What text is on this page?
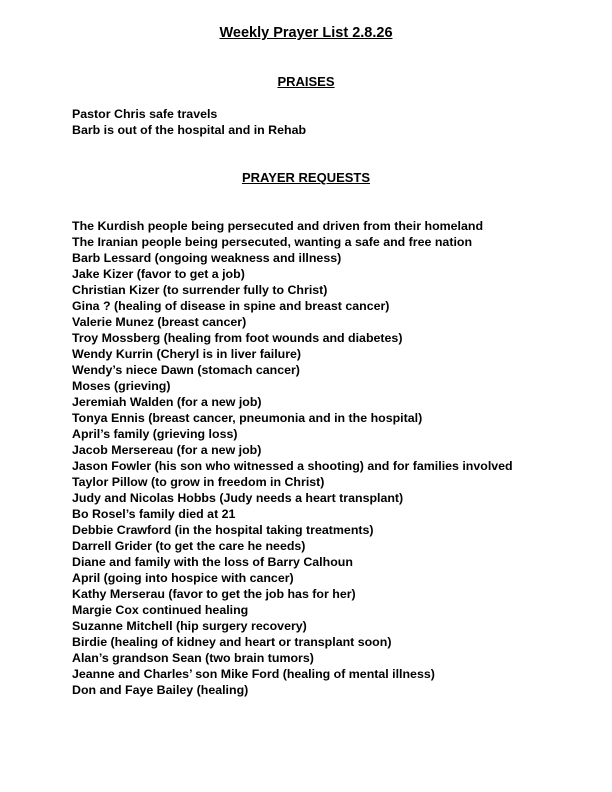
Weekly Prayer List 2.8.26
PRAISES
Pastor Chris safe travels
Barb is out of the hospital and in Rehab
PRAYER REQUESTS
The Kurdish people being persecuted and driven from their homeland
The Iranian people being persecuted, wanting a safe and free nation
Barb Lessard (ongoing weakness and illness)
Jake Kizer (favor to get a job)
Christian Kizer (to surrender fully to Christ)
Gina ? (healing of disease in spine and breast cancer)
Valerie Munez (breast cancer)
Troy Mossberg (healing from foot wounds and diabetes)
Wendy Kurrin (Cheryl is in liver failure)
Wendy’s niece Dawn (stomach cancer)
Moses (grieving)
Jeremiah Walden (for a new job)
Tonya Ennis (breast cancer, pneumonia and in the hospital)
April’s family (grieving loss)
Jacob Mersereau (for a new job)
Jason Fowler (his son who witnessed a shooting) and for families involved
Taylor Pillow (to grow in freedom in Christ)
Judy and Nicolas Hobbs (Judy needs a heart transplant)
Bo Rosel’s family died at 21
Debbie Crawford (in the hospital taking treatments)
Darrell Grider (to get the care he needs)
Diane and family with the loss of Barry Calhoun
April (going into hospice with cancer)
Kathy Merserau (favor to get the job has for her)
Margie Cox continued healing
Suzanne Mitchell (hip surgery recovery)
Birdie (healing of kidney and heart or transplant soon)
Alan’s grandson Sean (two brain tumors)
Jeanne and Charles’ son Mike Ford (healing of mental illness)
Don and Faye Bailey (healing)
